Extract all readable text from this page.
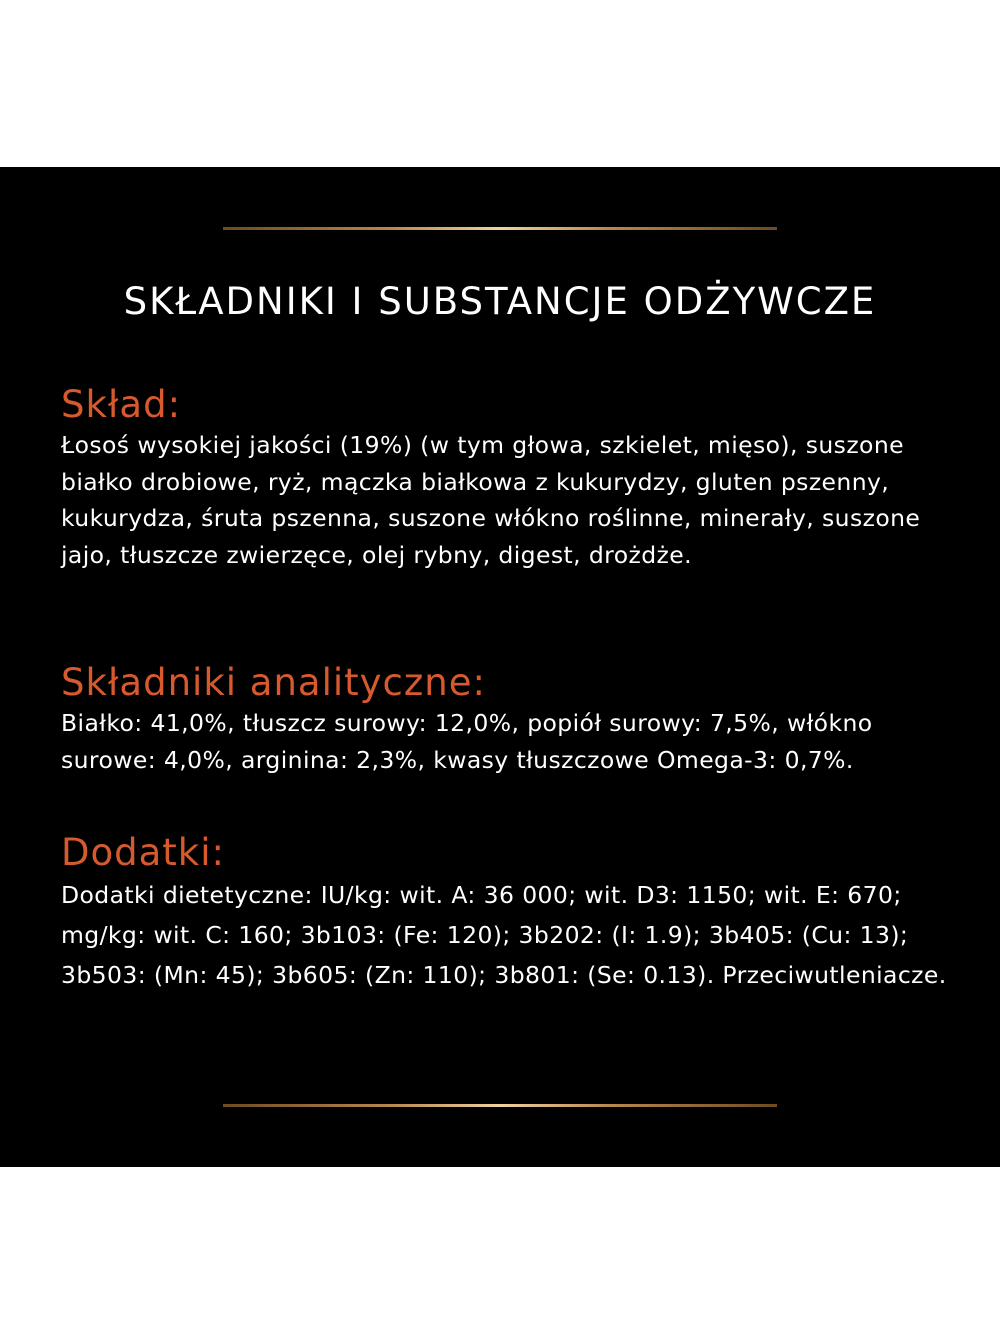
SKŁADNIKI I SUBSTANCJE ODŻYWCZE

Skład:

Łosoś wysokiej jakości (19%) (w tym głowa, szkielet, mięso), suszone białko drobiowe, ryż, mączka białkowa z kukurydzy, gluten pszenny, kukurydza, śruta pszenna, suszone włókno roślinne, minerały, suszone jajo, tłuszcze zwierzęce, olej rybny, digest, drożdże.

Składniki analityczne:

Białko: 41,0%, tłuszcz surowy: 12,0%, popiół surowy: 7,5%, włókno surowe: 4,0%, arginina: 2,3%, kwasy tłuszczowe Omega-3: 0,7%.

Dodatki:

Dodatki dietetyczne: IU/kg: wit. A: 36 000; wit. D3: 1150; wit. E: 670; mg/kg: wit. C: 160; 3b103: (Fe: 120); 3b202: (I: 1.9); 3b405: (Cu: 13); 3b503: (Mn: 45); 3b605: (Zn: 110); 3b801: (Se: 0.13). Przeciwutleniacze.
